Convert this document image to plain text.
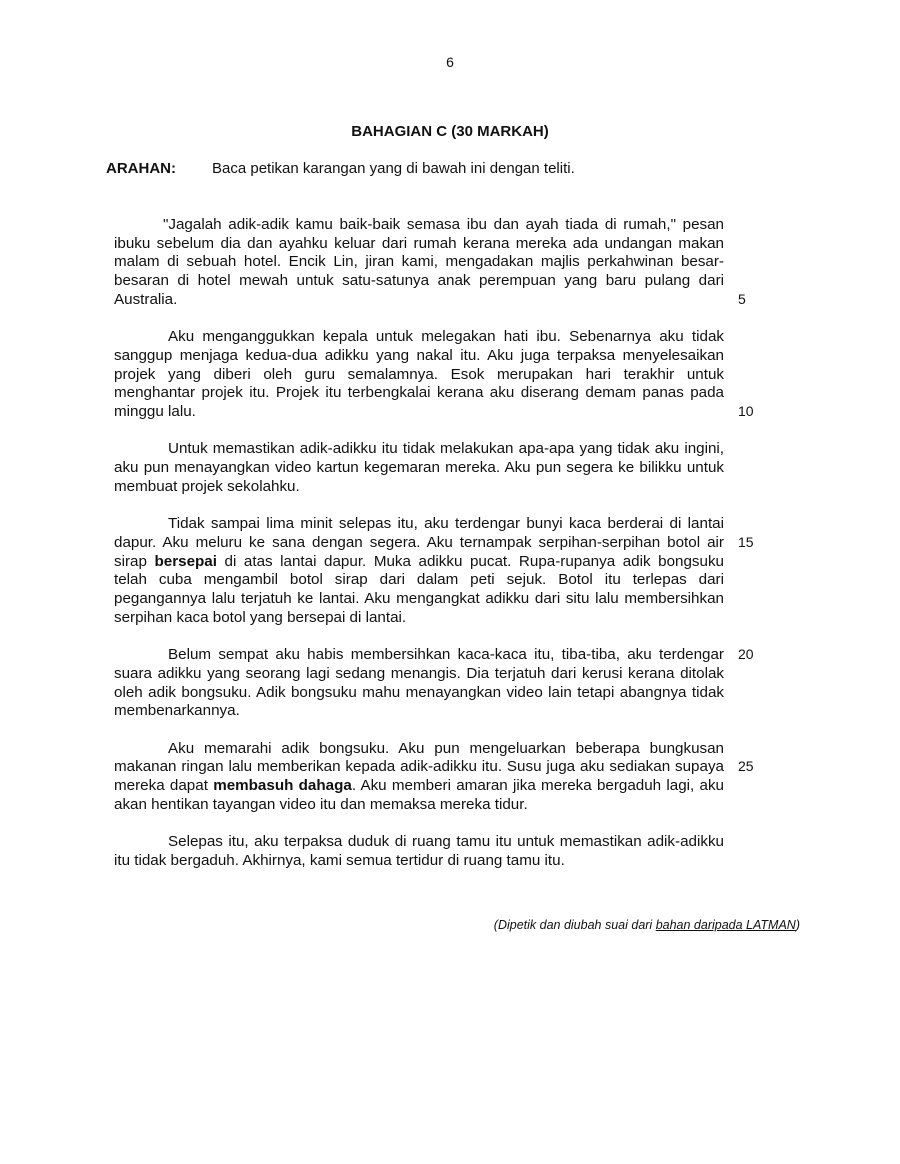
6
BAHAGIAN C (30 MARKAH)
ARAHAN: Baca petikan karangan yang di bawah ini dengan teliti.

"Jagalah adik-adik kamu baik-baik semasa ibu dan ayah tiada di rumah," pesan ibuku sebelum dia dan ayahku keluar dari rumah kerana mereka ada undangan makan malam di sebuah hotel. Encik Lin, jiran kami, mengadakan majlis perkahwinan besar-besaran di hotel mewah untuk satu-satunya anak perempuan yang baru pulang dari Australia.

Aku menganggukkan kepala untuk melegakan hati ibu. Sebenarnya aku tidak sanggup menjaga kedua-dua adikku yang nakal itu. Aku juga terpaksa menyelesaikan projek yang diberi oleh guru semalamnya. Esok merupakan hari terakhir untuk menghantar projek itu. Projek itu terbengkalai kerana aku diserang demam panas pada minggu lalu.

Untuk memastikan adik-adikku itu tidak melakukan apa-apa yang tidak aku ingini, aku pun menayangkan video kartun kegemaran mereka. Aku pun segera ke bilikku untuk membuat projek sekolahku.

Tidak sampai lima minit selepas itu, aku terdengar bunyi kaca berderai di lantai dapur. Aku meluru ke sana dengan segera. Aku ternampak serpihan-serpihan botol air sirap bersepai di atas lantai dapur. Muka adikku pucat. Rupa-rupanya adik bongsuku telah cuba mengambil botol sirap dari dalam peti sejuk. Botol itu terlepas dari pegangannya lalu terjatuh ke lantai. Aku mengangkat adikku dari situ lalu membersihkan serpihan kaca botol yang bersepai di lantai.

Belum sempat aku habis membersihkan kaca-kaca itu, tiba-tiba, aku terdengar suara adikku yang seorang lagi sedang menangis. Dia terjatuh dari kerusi kerana ditolak oleh adik bongsuku. Adik bongsuku mahu menayangkan video lain tetapi abangnya tidak membenarkannya.

Aku memarahi adik bongsuku. Aku pun mengeluarkan beberapa bungkusan makanan ringan lalu memberikan kepada adik-adikku itu. Susu juga aku sediakan supaya mereka dapat membasuh dahaga. Aku memberi amaran jika mereka bergaduh lagi, aku akan hentikan tayangan video itu dan memaksa mereka tidur.

Selepas itu, aku terpaksa duduk di ruang tamu itu untuk memastikan adik-adikku itu tidak bergaduh. Akhirnya, kami semua tertidur di ruang tamu itu.

5
10
15
20
25
(Dipetik dan diubah suai dari bahan daripada LATMAN)
